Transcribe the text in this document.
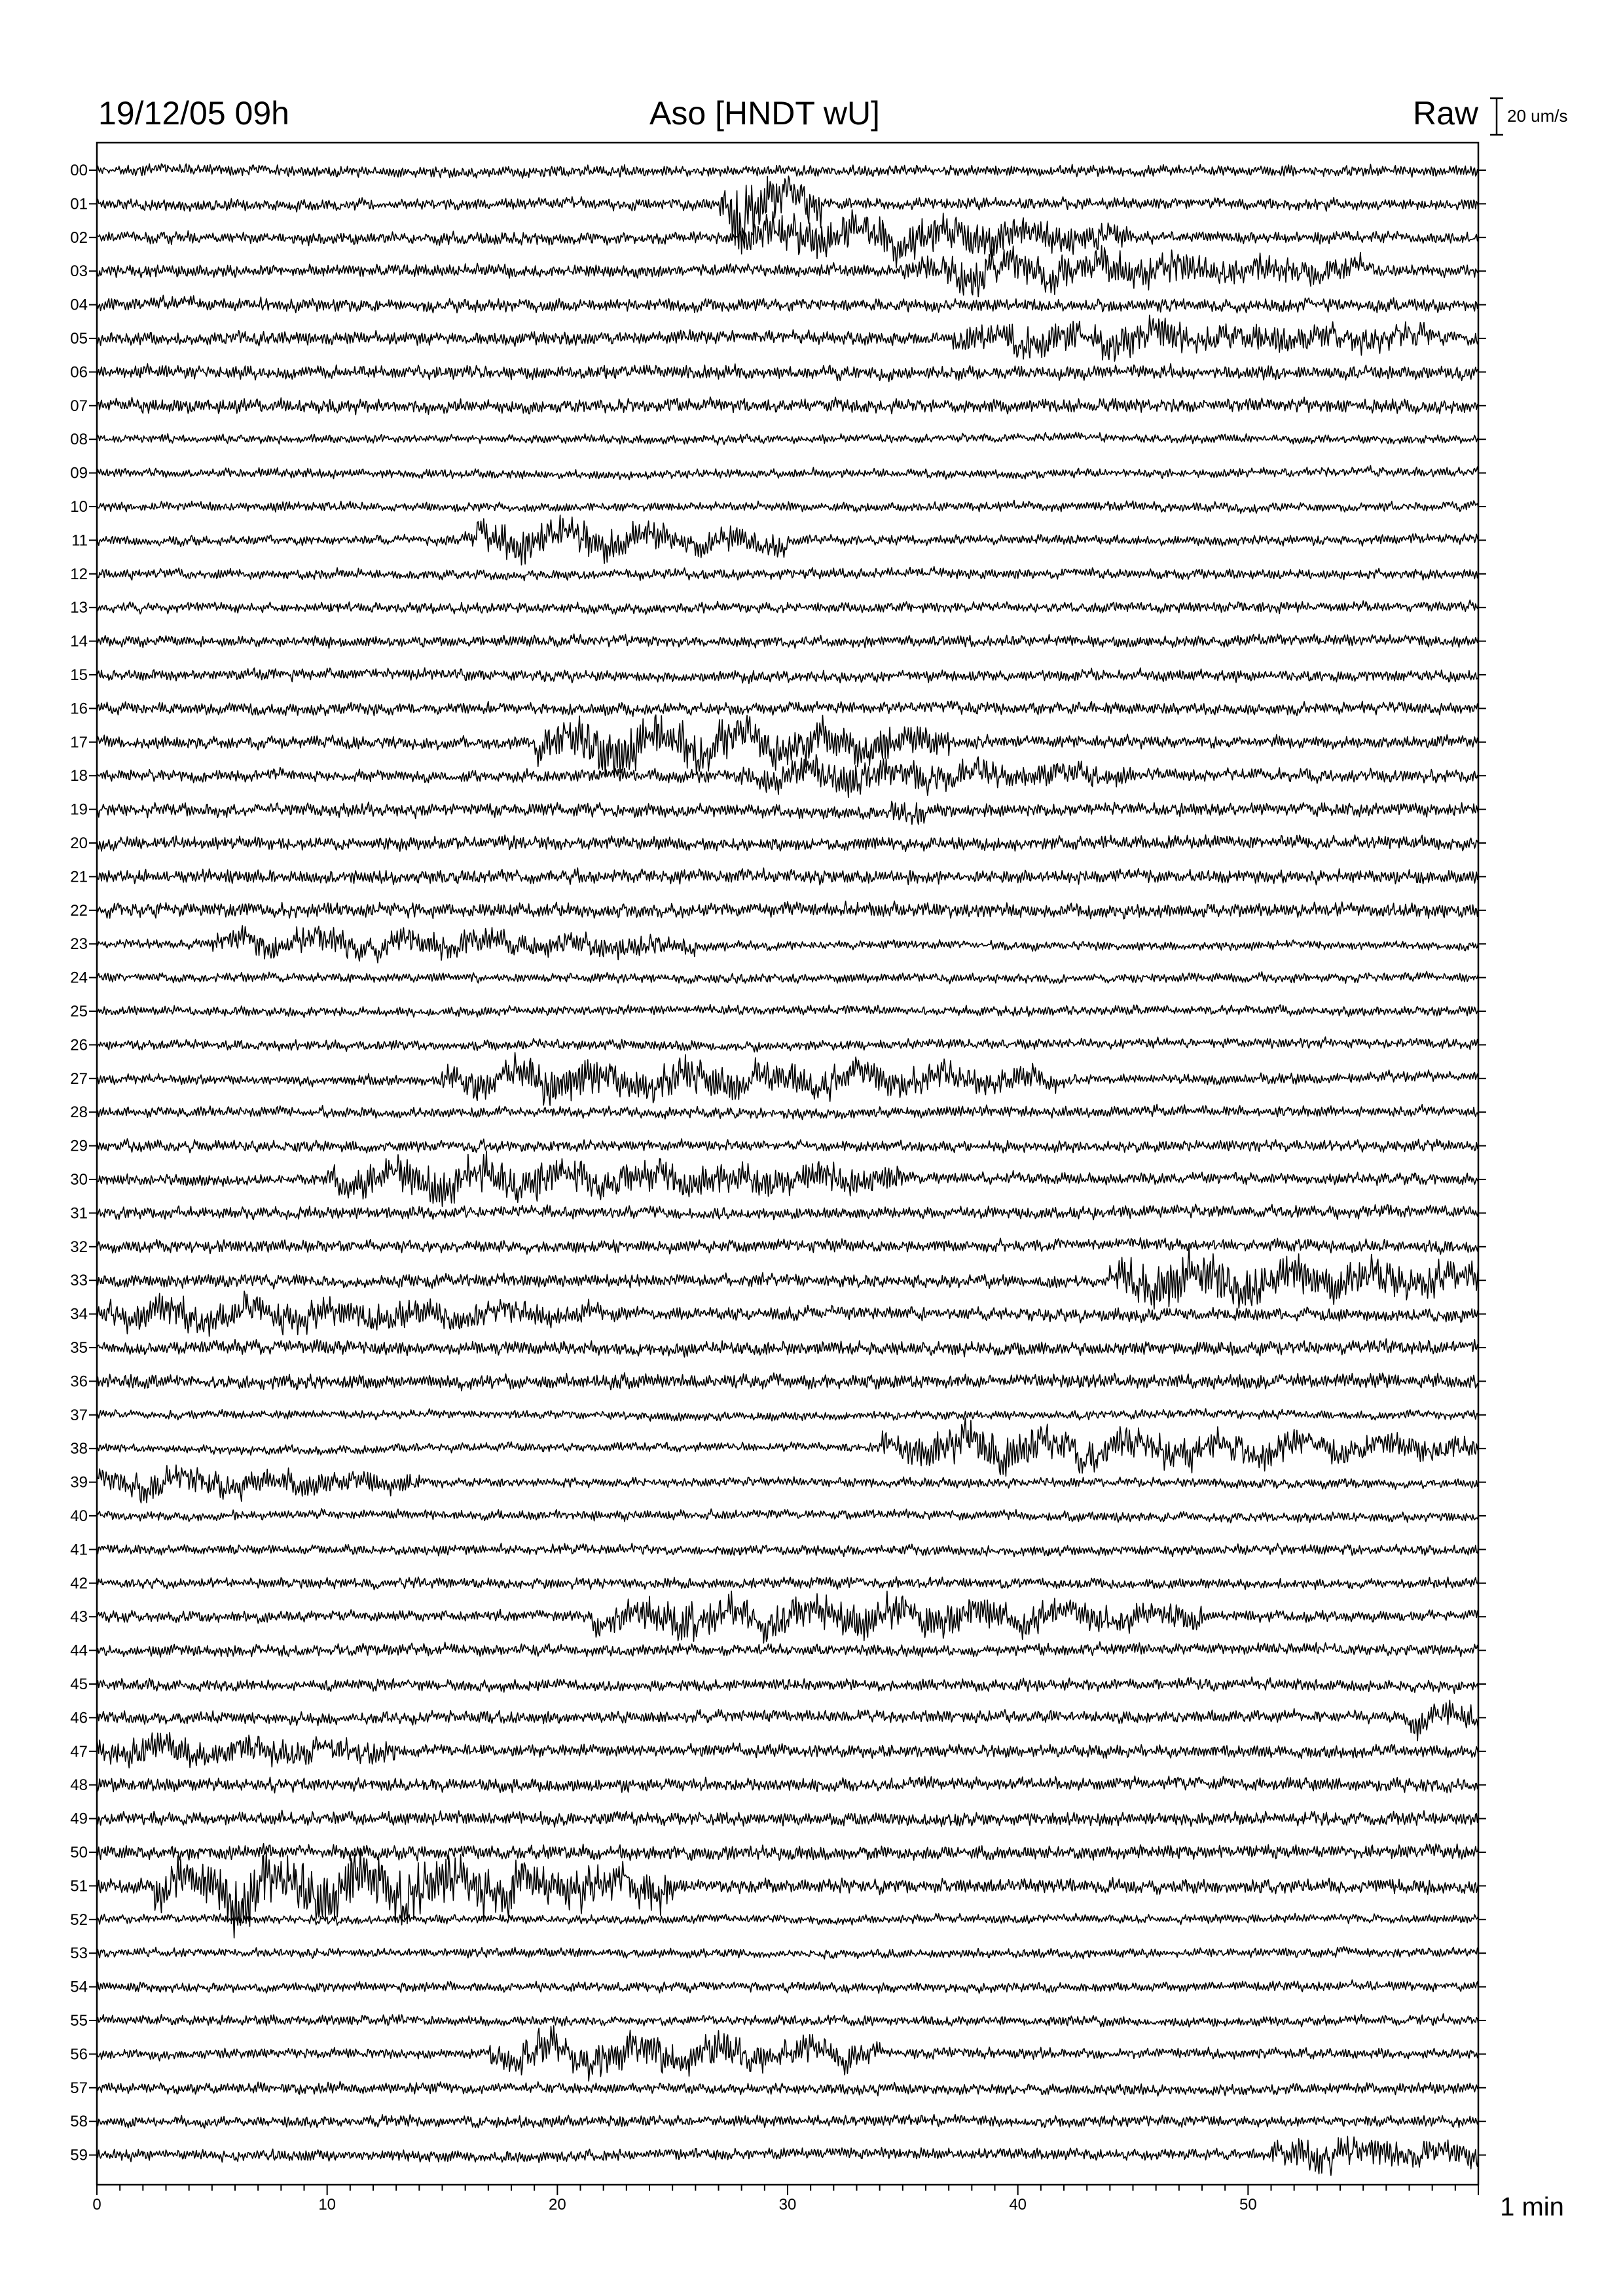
19/12/05 09h	Aso [HNDT wU]	Raw 20 um/s
00
01
02
03
04
05
06
07
08
09
10
11
12
13
14
15
16
17
18
19
20
21
22
23
24
25
26
27
28
29
30
31
32
33
34
35
36
37
38
39
40
41
42
43
44
45
46
47
48
49
50
51
52
53
54
55
56
57
58
59
0	10	20	30	40	50	1 min
